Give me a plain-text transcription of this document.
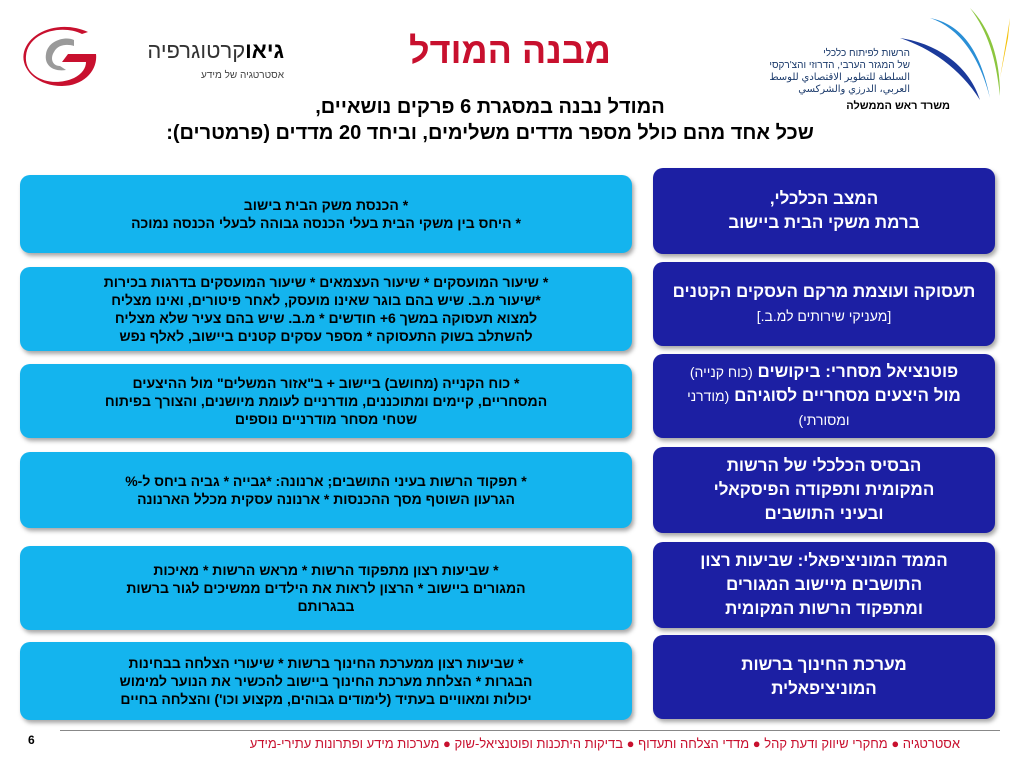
גיאוקרטוגרפיה
אסטרטגיה של מידע
הרשות לפיתוח כלכלי
של המגזר הערבי, הדרוזי והצ'רקסי
السلطة للتطوير الاقتصادي للوسط
العربي، الدرزي والشركسي
משרד ראש הממשלה
מבנה המודל
המודל נבנה במסגרת 6 פרקים נושאיים,
שכל אחד מהם כולל מספר מדדים משלימים, וביחד 20 מדדים (פרמטרים):
המצב הכלכלי,
ברמת משקי הבית ביישוב
* הכנסת משק הבית בישוב
* היחס בין משקי הבית בעלי הכנסה גבוהה לבעלי הכנסה נמוכה
תעסוקה ועוצמת מרקם העסקים הקטנים [מעניקי שירותים למ.ב.]
* שיעור המועסקים * שיעור העצמאים * שיעור המועסקים בדרגות בכירות
*שיעור מ.ב. שיש בהם בוגר שאינו מועסק, לאחר פיטורים, ואינו מצליח
למצוא תעסוקה במשך 6+ חודשים * מ.ב. שיש בהם צעיר שלא מצליח
להשתלב בשוק התעסוקה * מספר עסקים קטנים ביישוב, לאלף נפש
פוטנציאל מסחרי: ביקושים (כוח קנייה)
מול היצעים מסחריים לסוגיהם (מודרני ומסורתי)
* כוח הקנייה (מחושב) ביישוב + ב"אזור המשלים" מול ההיצעים
המסחריים, קיימים ומתוכננים, מודרניים לעומת מיושנים, והצורך בפיתוח
שטחי מסחר מודרניים נוספים
הבסיס הכלכלי של הרשות
המקומית ותפקודה הפיסקאלי
ובעיני התושבים
* תפקוד הרשות בעיני התושבים; ארנונה: *גבייה * גביה ביחס ל-%
הגרעון השוטף מסך ההכנסות * ארנונה עסקית מכלל הארנונה
הממד המוניציפאלי: שביעות רצון
התושבים מיישוב המגורים
ומתפקוד הרשות המקומית
* שביעות רצון מתפקוד הרשות * מראש הרשות * מאיכות
המגורים ביישוב * הרצון לראות את הילדים ממשיכים לגור ברשות
בבגרותם
מערכת החינוך ברשות
המוניציפאלית
* שביעות רצון ממערכת החינוך ברשות * שיעורי הצלחה בבחינות
הבגרות * הצלחת מערכת החינוך ביישוב להכשיר את הנוער למימוש
יכולות ומאוויים בעתיד (לימודים גבוהים, מקצוע וכו') והצלחה בחיים
6	אסטרטגיה ● מחקרי שיווק ודעת קהל ● מדדי הצלחה ותעדוף ● בדיקות היתכנות ופוטנציאל-שוק ● מערכות מידע ופתרונות עתירי-מידע
